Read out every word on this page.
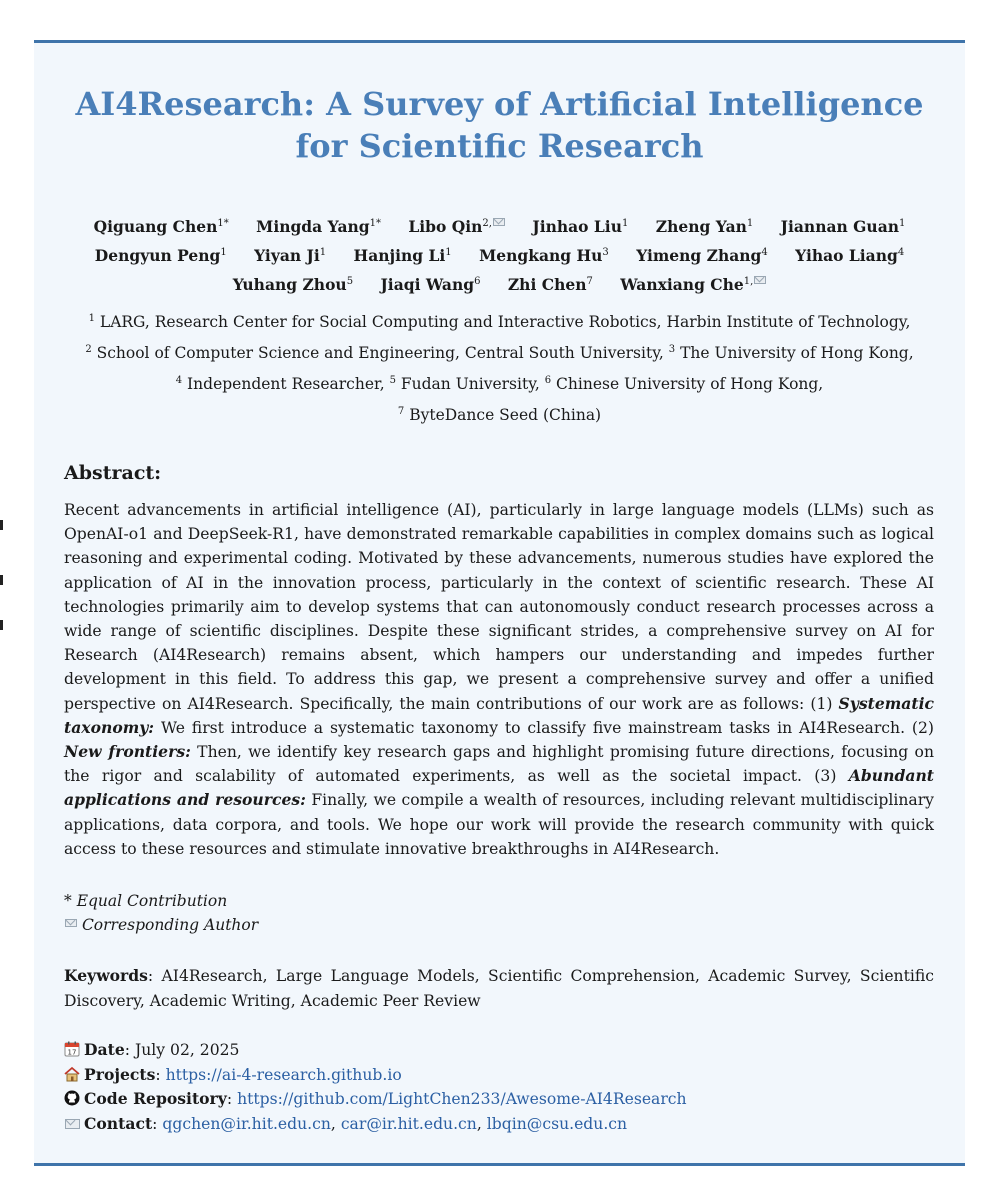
AI4Research: A Survey of Artificial Intelligence
for Scientific Research
Qiguang Chen$^{1*}$ Mingda Yang$^{1*}$ Libo Qin$^{2,}$	Jinhao Liu$^1$ Zheng Yan$^1$ Jiannan Guan$^1$
Dengyun Peng$^1$ Yiyan Ji$^1$ Hanjing Li$^1$ Mengkang Hu$^3$ Yimeng Zhang$^4$ Yihao Liang$^4$
Yuhang Zhou$^5$ Jiaqi Wang$^6$ Zhi Chen$^7$ Wanxiang Che$^{1,}$
$^1$ LARG, Research Center for Social Computing and Interactive Robotics, Harbin Institute of Technology,
$^2$ School of Computer Science and Engineering, Central South University, $^3$ The University of Hong Kong,
$^4$ Independent Researcher, $^5$ Fudan University, $^6$ Chinese University of Hong Kong,
$^7$ ByteDance Seed (China)
Abstract:

Recent advancements in artificial intelligence (AI), particularly in large language models (LLMs) such as OpenAI-o1 and DeepSeek-R1, have demonstrated remarkable capabilities in complex domains such as logical reasoning and experimental coding. Motivated by these advancements, numerous studies have explored the application of AI in the innovation process, particularly in the context of scientific research. These AI technologies primarily aim to develop systems that can autonomously conduct research processes across a wide range of scientific disciplines. Despite these significant strides, a comprehensive survey on AI for Research (AI4Research) remains absent, which hampers our understanding and impedes further development in this field. To address this gap, we present a comprehensive survey and offer a unified perspective on AI4Research. Specifically, the main contributions of our work are as follows: (1) Systematic taxonomy: We first introduce a systematic taxonomy to classify five mainstream tasks in AI4Research. (2) New frontiers: Then, we identify key research gaps and highlight promising future directions, focusing on the rigor and scalability of automated experiments, as well as the societal impact. (3) Abundant applications and resources: Finally, we compile a wealth of resources, including relevant multidisciplinary applications, data corpora, and tools. We hope our work will provide the research community with quick access to these resources and stimulate innovative breakthroughs in AI4Research.

* Equal Contribution
Corresponding Author

Keywords: AI4Research, Large Language Models, Scientific Comprehension, Academic Survey, Scientific Discovery, Academic Writing, Academic Peer Review

17 Date: July 02, 2025
Projects: https://ai-4-research.github.io
Code Repository: https://github.com/LightChen233/Awesome-AI4Research
Contact: qgchen@ir.hit.edu.cn, car@ir.hit.edu.cn, lbqin@csu.edu.cn
